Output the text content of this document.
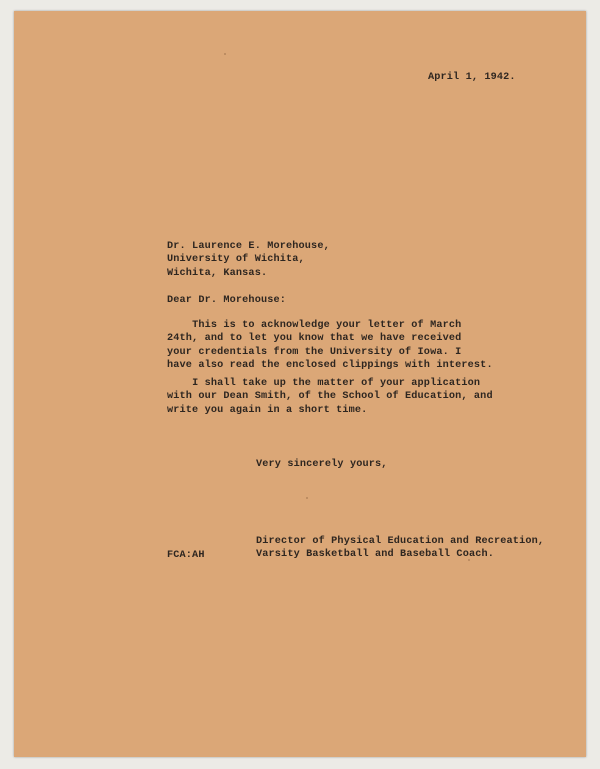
April 1, 1942.

Dr. Laurence E. Morehouse,
University of Wichita,
Wichita, Kansas.

Dear Dr. Morehouse:

This is to acknowledge your letter of March
24th, and to let you know that we have received
your credentials from the University of Iowa. I
have also read the enclosed clippings with interest.
I shall take up the matter of your application
with our Dean Smith, of the School of Education, and
write you again in a short time.

Very sincerely yours,

Director of Physical Education and Recreation,
Varsity Basketball and Baseball Coach.

FCA:AH
